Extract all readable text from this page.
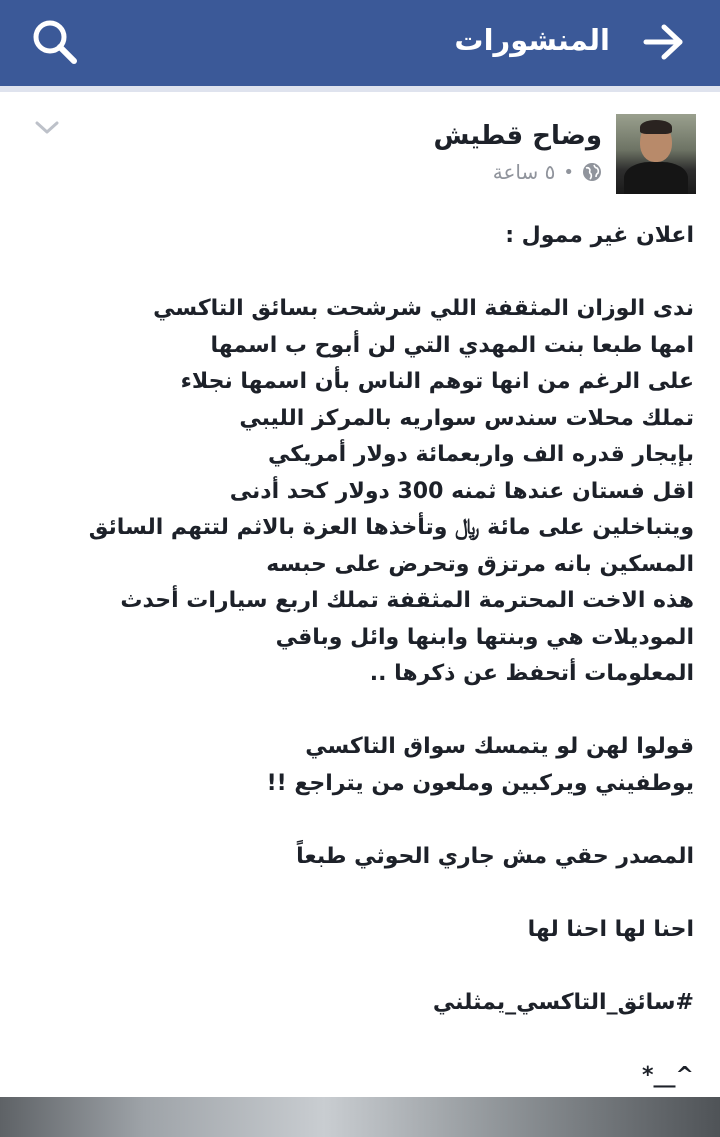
المنشورات
وضاح قطيش
٥ ساعة •
اعلان غير ممول :
ندى الوزان المثقفة اللي شرشحت بسائق التاكسي
امها طبعا بنت المهدي التي لن أبوح ب اسمها
على الرغم من انها توهم الناس بأن اسمها نجلاء
تملك محلات سندس سواريه بالمركز الليبي
بإيجار قدره الف واربعمائة دولار أمريكي
اقل فستان عندها ثمنه 300 دولار كحد أدنى
ويتباخلين على مائة ﷼ وتأخذها العزة بالاثم لتتهم السائق
المسكين بانه مرتزق وتحرض على حبسه
هذه الاخت المحترمة المثقفة تملك اربع سيارات أحدث
الموديلات هي وبنتها وابنها وائل وباقي
المعلومات أتحفظ عن ذكرها ..
قولوا لهن لو يتمسك سواق التاكسي
يوطفيني ويركبين وملعون من يتراجع !!
المصدر حقي مش جاري الحوثي طبعاً
احنا لها احنا لها
#سائق_التاكسي_يمثلني
^__*
